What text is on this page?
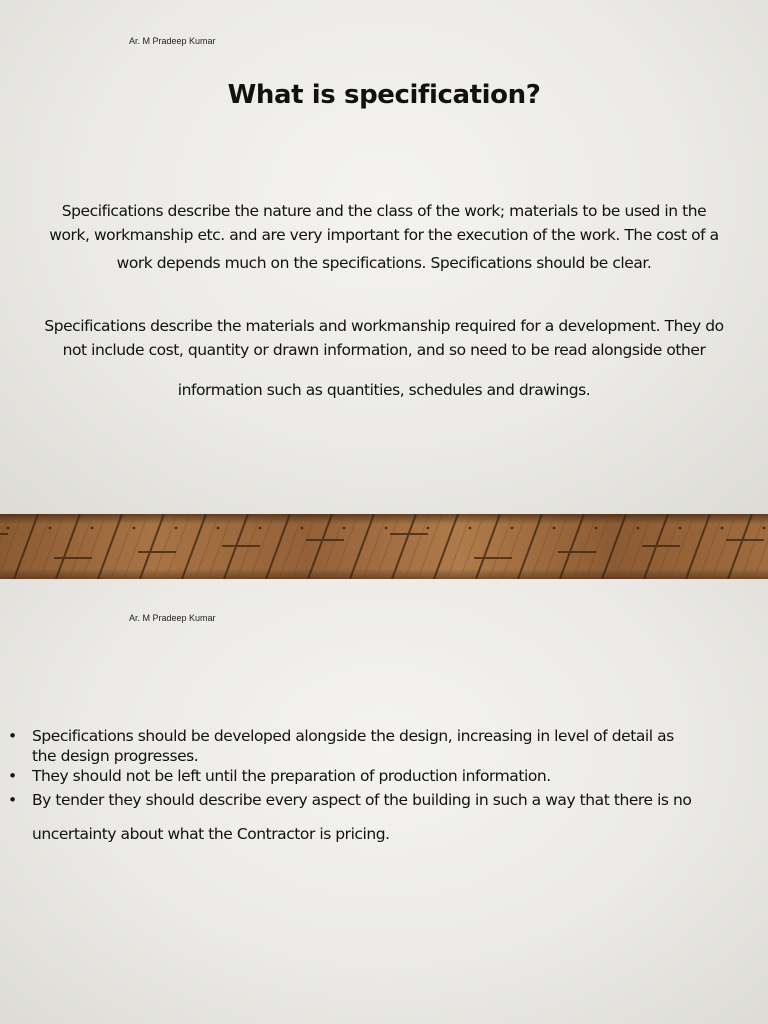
Ar. M Pradeep Kumar
What is specification?

Specifications describe the nature and the class of the work; materials to be used in the
work, workmanship etc. and are very important for the execution of the work. The cost of a
work depends much on the specifications. Specifications should be clear.

Specifications describe the materials and workmanship required for a development. They do
not include cost, quantity or drawn information, and so need to be read alongside other
information such as quantities, schedules and drawings.

Ar. M Pradeep Kumar
• Specifications should be developed alongside the design, increasing in level of detail as
the design progresses.
• They should not be left until the preparation of production information.
• By tender they should describe every aspect of the building in such a way that there is no
uncertainty about what the Contractor is pricing.
